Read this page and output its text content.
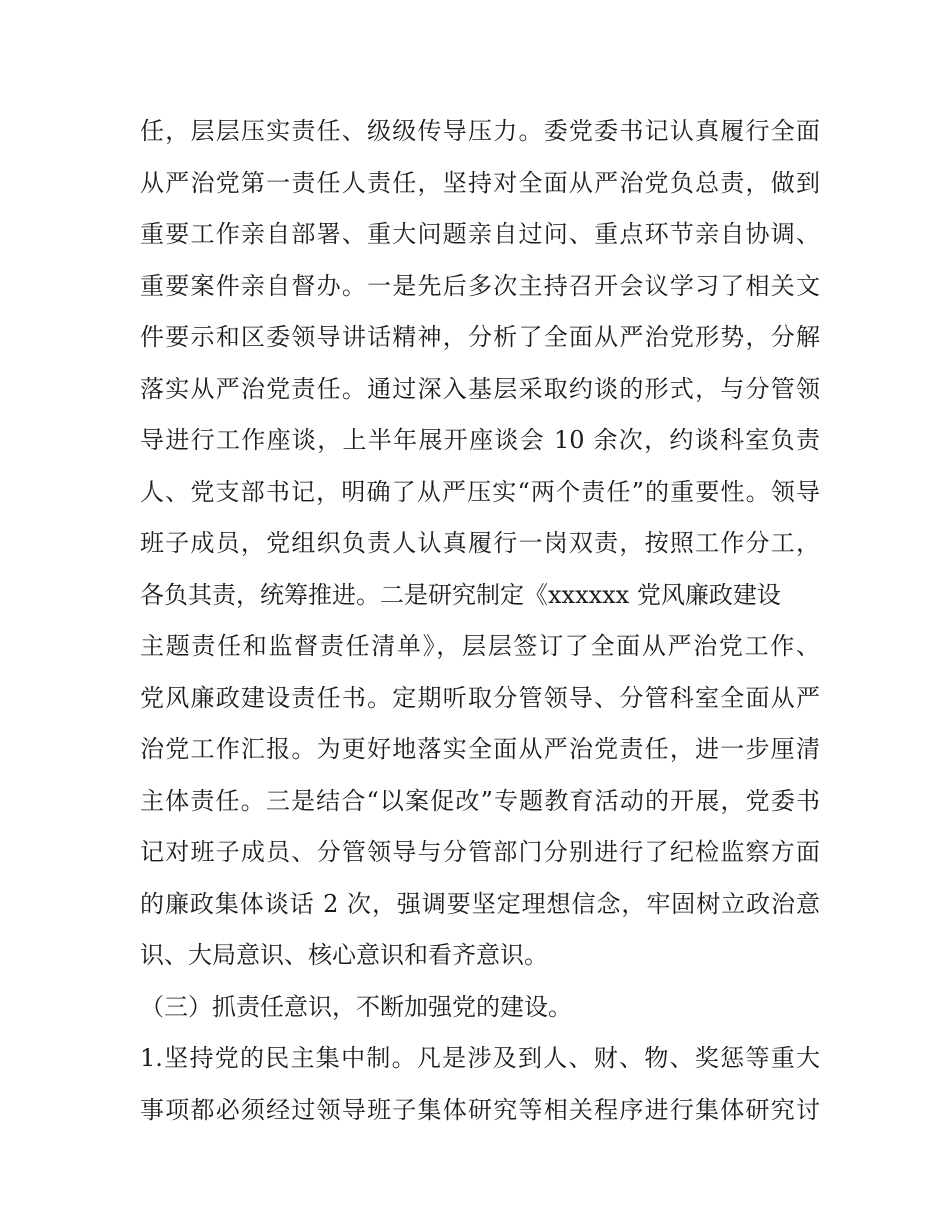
任，层层压实责任、级级传导压力。委党委书记认真履行全面
从严治党第一责任人责任，坚持对全面从严治党负总责，做到
重要工作亲自部署、重大问题亲自过问、重点环节亲自协调、
重要案件亲自督办。一是先后多次主持召开会议学习了相关文
件要示和区委领导讲话精神，分析了全面从严治党形势，分解
落实从严治党责任。通过深入基层采取约谈的形式，与分管领
导进行工作座谈，上半年展开座谈会 10 余次，约谈科室负责
人、党支部书记，明确了从严压实“两个责任”的重要性。领导
班子成员，党组织负责人认真履行一岗双责，按照工作分工，
各负其责，统筹推进。二是研究制定《xxxxxx 党风廉政建设
主题责任和监督责任清单》，层层签订了全面从严治党工作、
党风廉政建设责任书。定期听取分管领导、分管科室全面从严
治党工作汇报。为更好地落实全面从严治党责任，进一步厘清
主体责任。三是结合“以案促改”专题教育活动的开展，党委书
记对班子成员、分管领导与分管部门分别进行了纪检监察方面
的廉政集体谈话 2 次，强调要坚定理想信念，牢固树立政治意
识、大局意识、核心意识和看齐意识。
（三）抓责任意识，不断加强党的建设。
1.坚持党的民主集中制。凡是涉及到人、财、物、奖惩等重大
事项都必须经过领导班子集体研究等相关程序进行集体研究讨
